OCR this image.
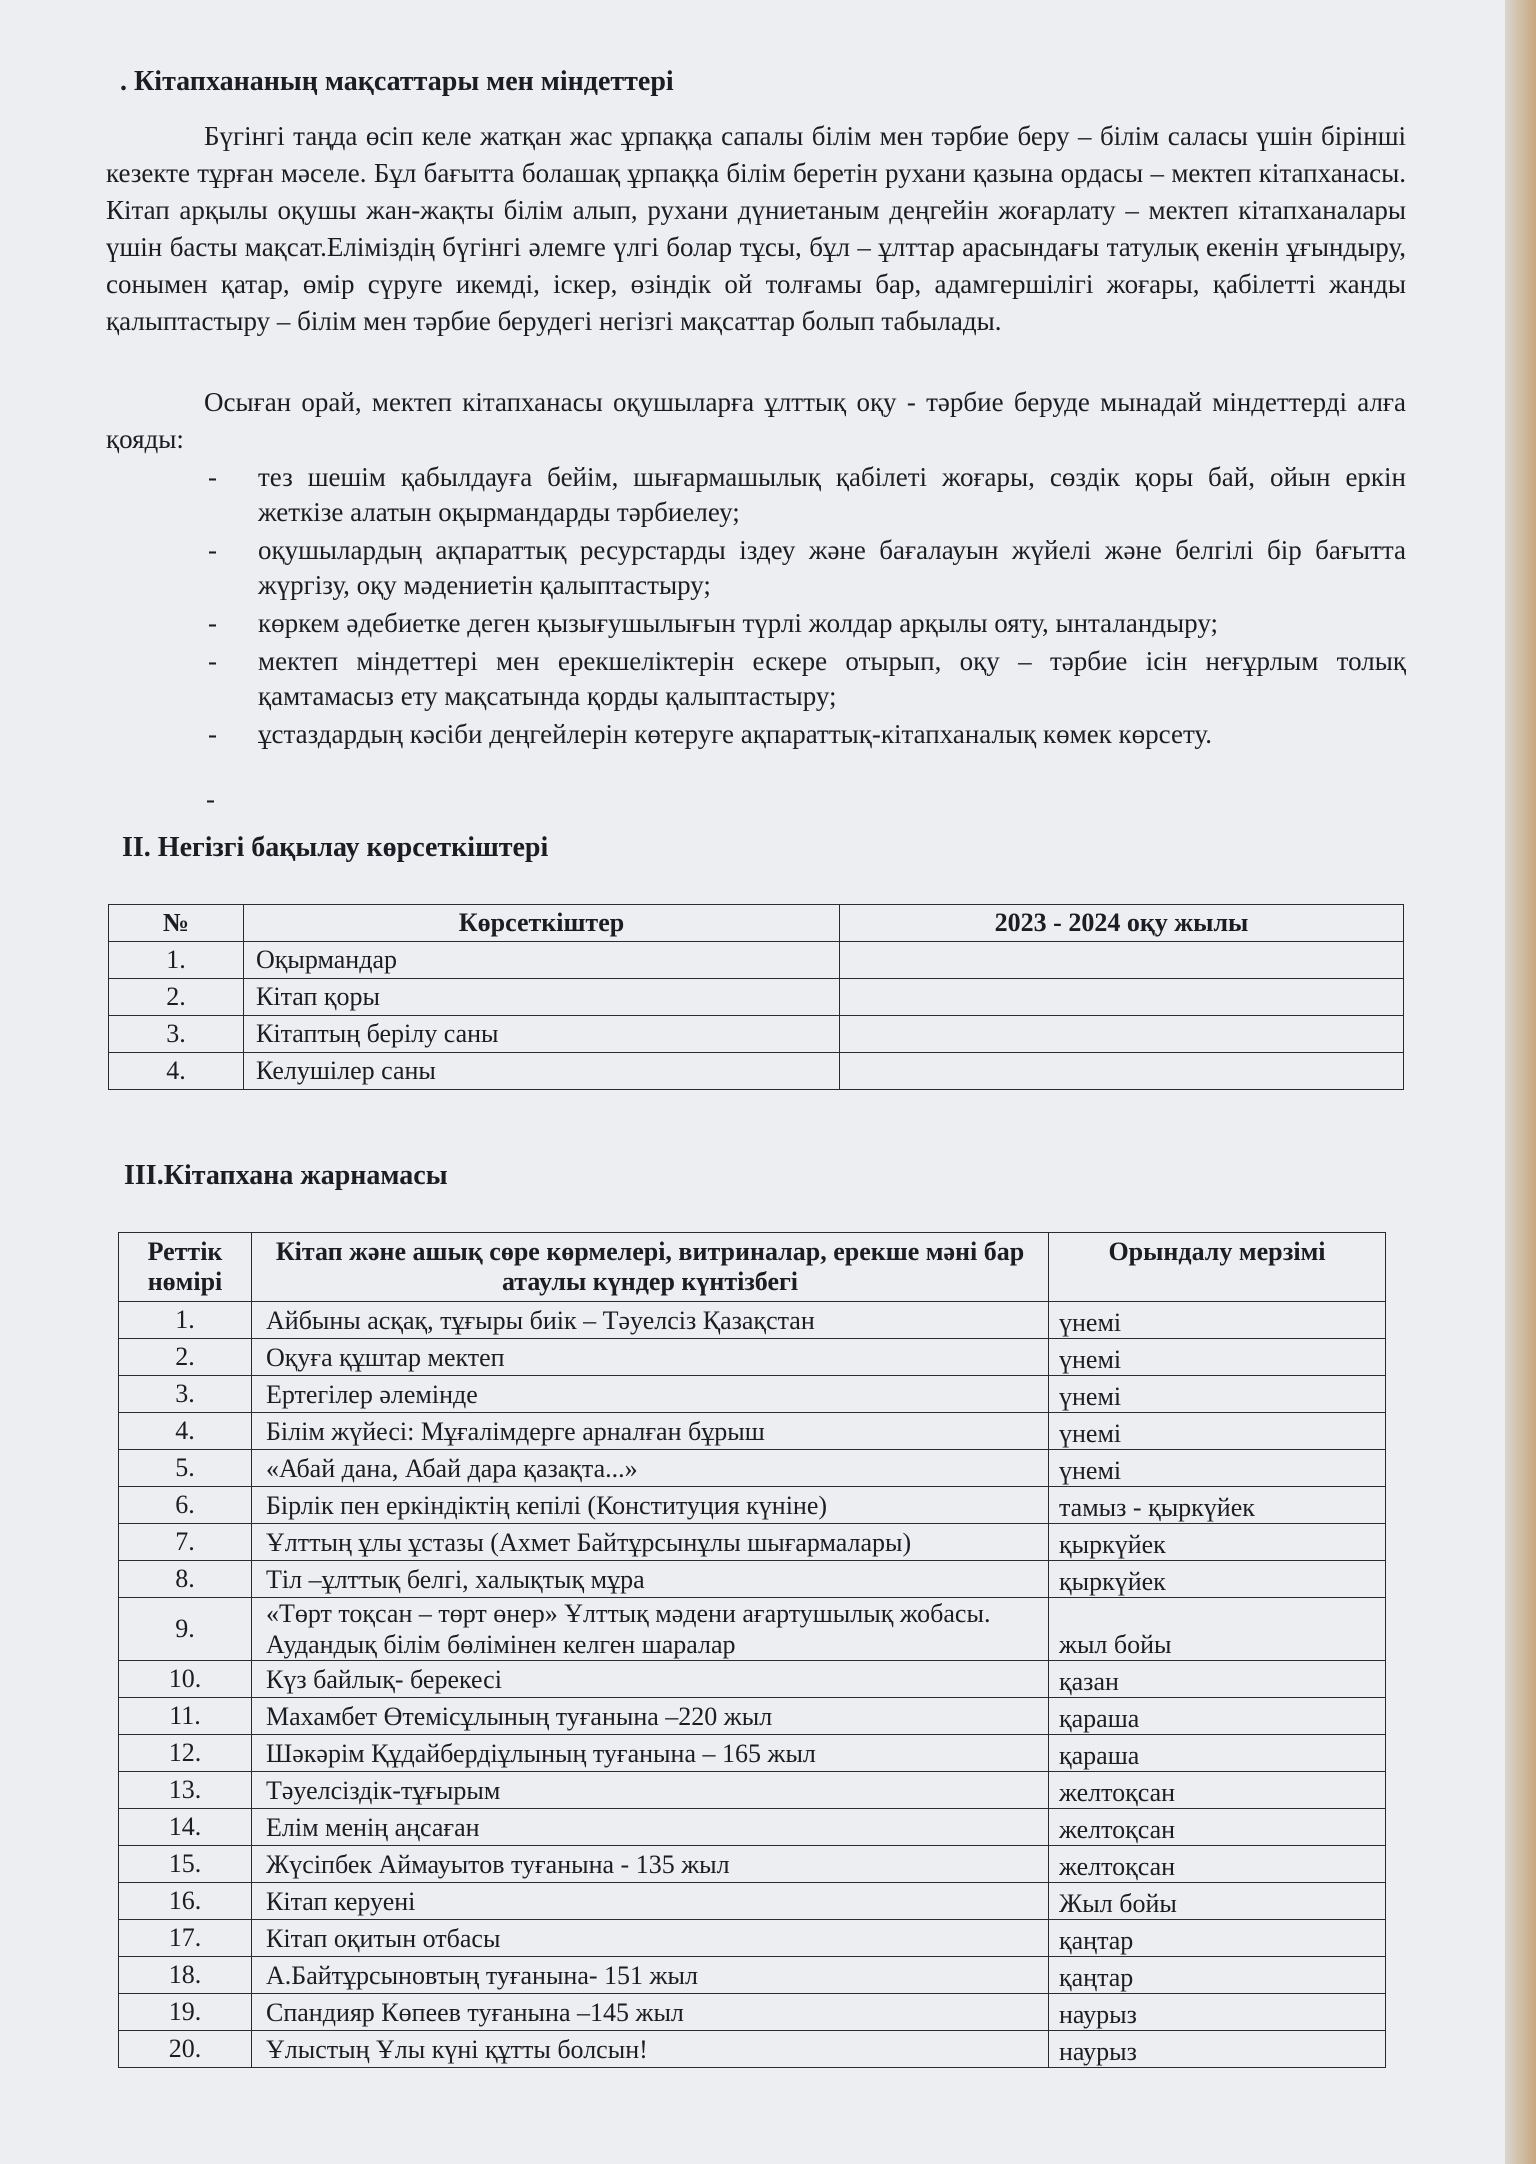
. Кітапхананың мақсаттары мен міндеттері
Бүгінгі таңда өсіп келе жатқан жас ұрпаққа сапалы білім мен тәрбие беру – білім саласы үшін бірінші кезекте тұрған мәселе. Бұл бағытта болашақ ұрпаққа білім беретін рухани қазына ордасы – мектеп кітапханасы. Кітап арқылы оқушы жан-жақты білім алып, рухани дүниетаным деңгейін жоғарлату – мектеп кітапханалары үшін басты мақсат.Еліміздің бүгінгі әлемге үлгі болар тұсы, бұл – ұлттар арасындағы татулық екенін ұғындыру, сонымен қатар, өмір сүруге икемді, іскер, өзіндік ой толғамы бар, адамгершілігі жоғары, қабілетті жанды қалыптастыру – білім мен тәрбие берудегі негізгі мақсаттар болып табылады.
Осыған орай, мектеп кітапханасы оқушыларға ұлттық оқу - тәрбие беруде мынадай міндеттерді алға қояды:
- тез шешім қабылдауға бейім, шығармашылық қабілеті жоғары, сөздік қоры бай, ойын еркін жеткізе алатын оқырмандарды тәрбиелеу;
- оқушылардың ақпараттық ресурстарды іздеу және бағалауын жүйелі және белгілі бір бағытта жүргізу, оқу мәдениетін қалыптастыру;
- көркем әдебиетке деген қызығушылығын түрлі жолдар арқылы ояту, ынталандыру;
- мектеп міндеттері мен ерекшеліктерін ескере отырып, оқу – тәрбие ісін неғұрлым толық қамтамасыз ету мақсатында қорды қалыптастыру;
- ұстаздардың кәсіби деңгейлерін көтеруге ақпараттық-кітапханалық көмек көрсету.
-
II. Негізгі бақылау көрсеткіштері
№	Көрсеткіштер	2023 - 2024 оқу жылы
1.	Оқырмандар	
2.	Кітап қоры	
3.	Кітаптың берілу саны	
4.	Келушілер саны	
III.Кітапхана жарнамасы
Реттік нөмірі	Кітап және ашық сөре көрмелері, витриналар, ерекше мәні бар атаулы күндер күнтізбегі	Орындалу мерзімі
1.	Айбыны асқақ, тұғыры биік – Тәуелсіз Қазақстан	үнемі
2.	Оқуға құштар мектеп	үнемі
3.	Ертегілер әлемінде	үнемі
4.	Білім жүйесі: Мұғалімдерге арналған бұрыш	үнемі
5.	«Абай дана, Абай дара қазақта...»	үнемі
6.	Бірлік пен еркіндіктің кепілі (Конституция күніне)	тамыз - қыркүйек
7.	Ұлттың ұлы ұстазы (Ахмет Байтұрсынұлы шығармалары)	қыркүйек
8.	Тіл –ұлттық белгі, халықтық мұра	қыркүйек
9.	«Төрт тоқсан – төрт өнер» Ұлттық мәдени ағартушылық жобасы. Аудандық білім бөлімінен келген шаралар	жыл бойы
10.	Күз байлық- берекесі	қазан
11.	Махамбет Өтемісұлының туғанына –220 жыл	қараша
12.	Шәкәрім Құдайбердіұлының туғанына – 165 жыл	қараша
13.	Тәуелсіздік-тұғырым	желтоқсан
14.	Елім менің аңсаған	желтоқсан
15.	Жүсіпбек Аймауытов туғанына - 135 жыл	желтоқсан
16.	Кітап керуені	Жыл бойы
17.	Кітап оқитын отбасы	қаңтар
18.	А.Байтұрсыновтың туғанына- 151 жыл	қаңтар
19.	Спандияр Көпеев туғанына –145 жыл	наурыз
20.	Ұлыстың Ұлы күні құтты болсын!	наурыз
